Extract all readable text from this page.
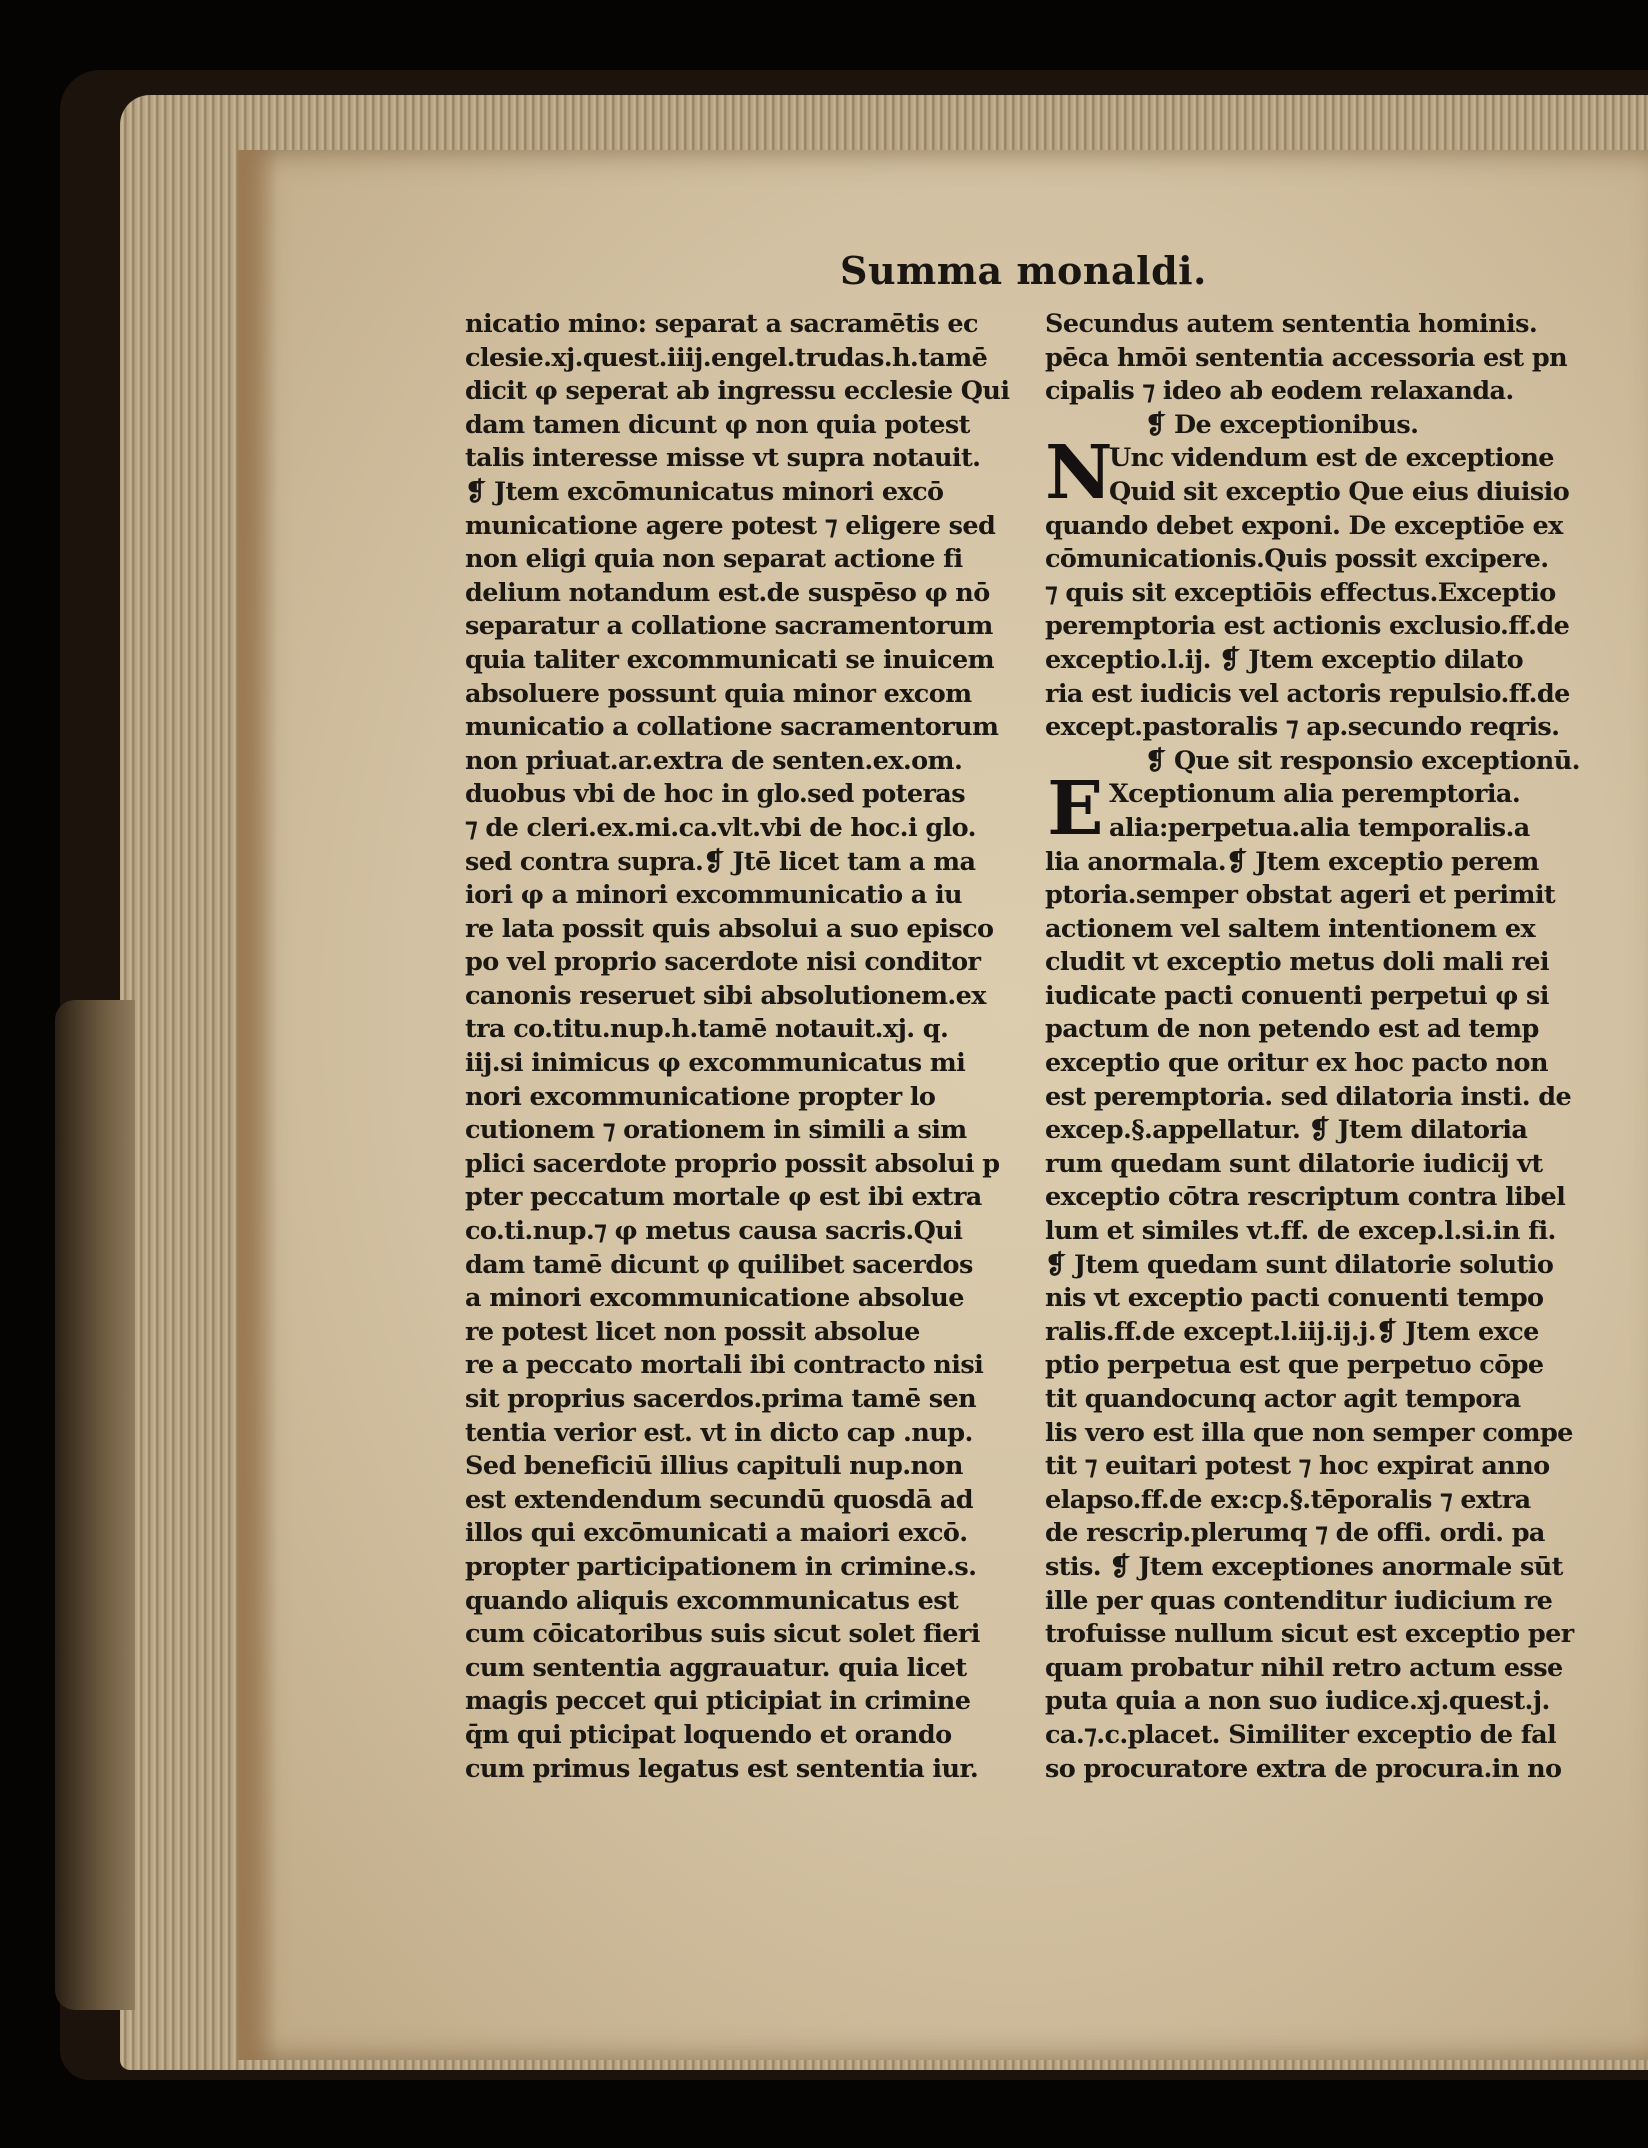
Summa monaldi.
nicatio mino: separat a sacramētis ec
clesie.xj.quest.iiij.engel.trudas.h.tamē
dicit φ seperat ab ingressu ecclesie Qui
dam tamen dicunt φ non quia potest
talis interesse misse vt supra notauit.
❡ Jtem excōmunicatus minori excō
municatione agere potest ⁊ eligere sed
non eligi quia non separat actione fi
delium notandum est.de suspēso φ nō
separatur a collatione sacramentorum
quia taliter excommunicati se inuicem
absoluere possunt quia minor excom
municatio a collatione sacramentorum
non priuat.ar.extra de senten.ex.om.
duobus vbi de hoc in glo.sed poteras
⁊ de cleri.ex.mi.ca.vlt.vbi de hoc.i glo.
sed contra supra.❡ Jtē licet tam a ma
iori φ a minori excommunicatio a iu
re lata possit quis absolui a suo episco
po vel proprio sacerdote nisi conditor
canonis reseruet sibi absolutionem.ex
tra co.titu.nup.h.tamē notauit.xj. q.
iij.si inimicus φ excommunicatus mi
nori excommunicatione propter lo
cutionem ⁊ orationem in simili a sim
plici sacerdote proprio possit absolui p
pter peccatum mortale φ est ibi extra
co.ti.nup.⁊ φ metus causa sacris.Qui
dam tamē dicunt φ quilibet sacerdos
a minori excommunicatione absolue
re potest licet non possit absolue
re a peccato mortali ibi contracto nisi
sit proprius sacerdos.prima tamē sen
tentia verior est. vt in dicto cap .nup.
Sed beneficiū illius capituli nup.non
est extendendum secundū quosdā ad
illos qui excōmunicati a maiori excō.
propter participationem in crimine.s.
quando aliquis excommunicatus est
cum cōicatoribus suis sicut solet fieri
cum sententia aggrauatur. quia licet
magis peccet qui pticipiat in crimine
q̄m qui pticipat loquendo et orando
cum primus legatus est sententia iur.
Secundus autem sententia hominis.
pēca hmōi sententia accessoria est pn
cipalis ⁊ ideo ab eodem relaxanda.
❡ De exceptionibus.
N
Unc videndum est de exceptione
Quid sit exceptio Que eius diuisio
quando debet exponi. De exceptiōe ex
cōmunicationis.Quis possit excipere.
⁊ quis sit exceptiōis effectus.Exceptio
peremptoria est actionis exclusio.ff.de
exceptio.l.ij. ❡ Jtem exceptio dilato
ria est iudicis vel actoris repulsio.ff.de
except.pastoralis ⁊ ap.secundo reqris.
❡ Que sit responsio exceptionū.
E Xceptionum alia peremptoria.
alia:perpetua.alia temporalis.a
lia anormala.❡ Jtem exceptio perem
ptoria.semper obstat ageri et perimit
actionem vel saltem intentionem ex
cludit vt exceptio metus doli mali rei
iudicate pacti conuenti perpetui φ si
pactum de non petendo est ad temp
exceptio que oritur ex hoc pacto non
est peremptoria. sed dilatoria insti. de
excep.§.appellatur. ❡ Jtem dilatoria
rum quedam sunt dilatorie iudicij vt
exceptio cōtra rescriptum contra libel
lum et similes vt.ff. de excep.l.si.in fi.
❡ Jtem quedam sunt dilatorie solutio
nis vt exceptio pacti conuenti tempo
ralis.ff.de except.l.iij.ij.j.❡ Jtem exce
ptio perpetua est que perpetuo cōpe
tit quandocunq actor agit tempora
lis vero est illa que non semper compe
tit ⁊ euitari potest ⁊ hoc expirat anno
elapso.ff.de ex:cp.§.tēporalis ⁊ extra
de rescrip.plerumq ⁊ de offi. ordi. pa
stis. ❡ Jtem exceptiones anormale sūt
ille per quas contenditur iudicium re
trofuisse nullum sicut est exceptio per
quam probatur nihil retro actum esse
puta quia a non suo iudice.xj.quest.j.
ca.⁊.c.placet. Similiter exceptio de fal
so procuratore extra de procura.in no
